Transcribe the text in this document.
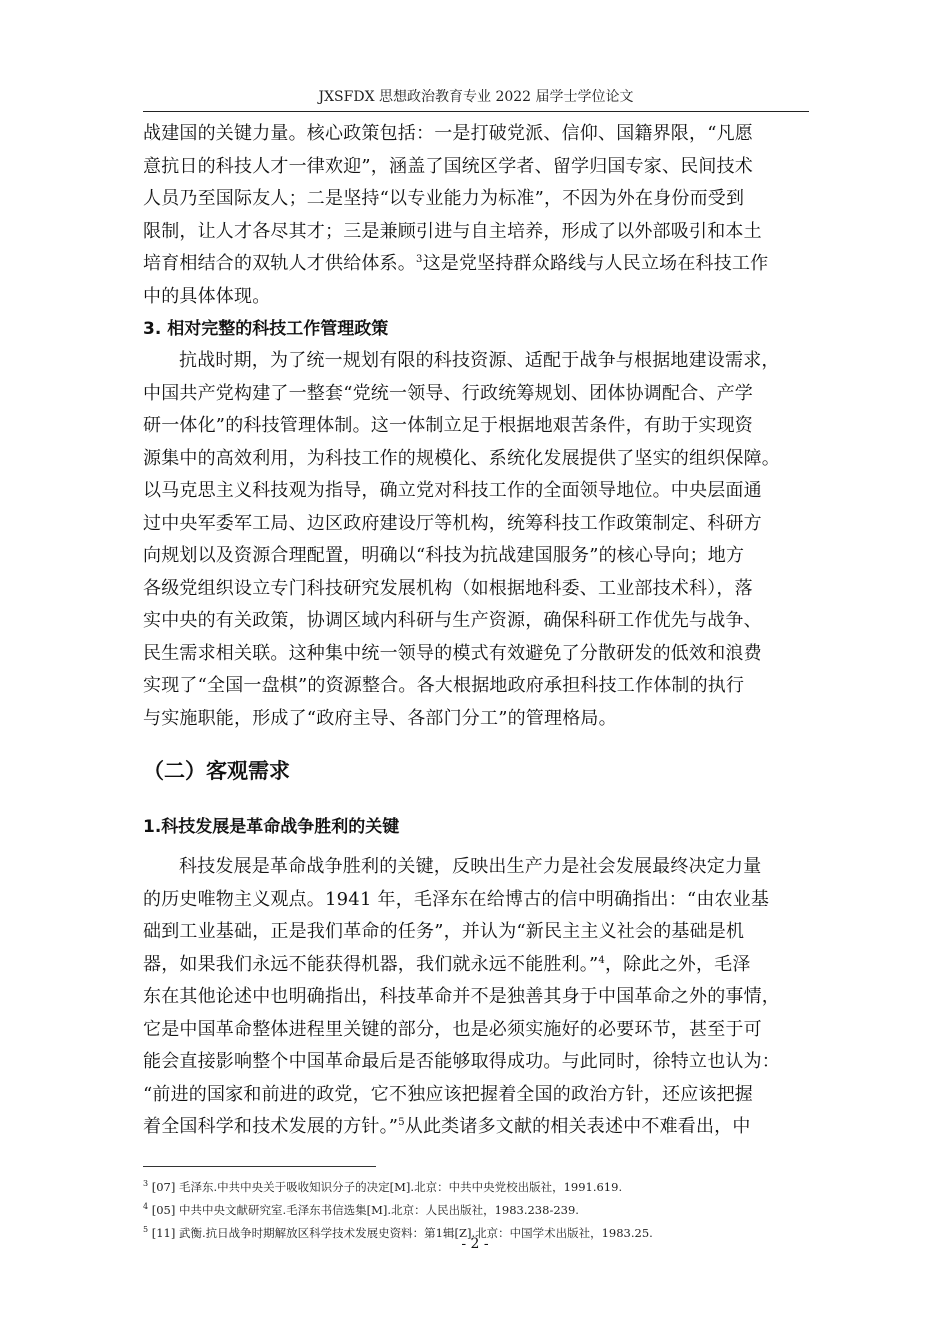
JXSFDX 思想政治教育专业 2022 届学士学位论文

战建国的关键力量。核心政策包括：一是打破党派、信仰、国籍界限，“凡愿

意抗日的科技人才一律欢迎”，涵盖了国统区学者、留学归国专家、民间技术

人员乃至国际友人；二是坚持“以专业能力为标准”，不因为外在身份而受到

限制，让人才各尽其才；三是兼顾引进与自主培养，形成了以外部吸引和本土

培育相结合的双轨人才供给体系。$^3$这是党坚持群众路线与人民立场在科技工作

中的具体体现。

3. 相对完整的科技工作管理政策

抗战时期，为了统一规划有限的科技资源、适配于战争与根据地建设需求，

中国共产党构建了一整套“党统一领导、行政统筹规划、团体协调配合、产学

研一体化”的科技管理体制。这一体制立足于根据地艰苦条件，有助于实现资

源集中的高效利用，为科技工作的规模化、系统化发展提供了坚实的组织保障。

以马克思主义科技观为指导，确立党对科技工作的全面领导地位。中央层面通

过中央军委军工局、边区政府建设厅等机构，统筹科技工作政策制定、科研方

向规划以及资源合理配置，明确以“科技为抗战建国服务”的核心导向；地方

各级党组织设立专门科技研究发展机构（如根据地科委、工业部技术科），落

实中央的有关政策，协调区域内科研与生产资源，确保科研工作优先与战争、

民生需求相关联。这种集中统一领导的模式有效避免了分散研发的低效和浪费

实现了“全国一盘棋”的资源整合。各大根据地政府承担科技工作体制的执行

与实施职能，形成了“政府主导、各部门分工”的管理格局。

（二）客观需求

1.科技发展是革命战争胜利的关键

科技发展是革命战争胜利的关键，反映出生产力是社会发展最终决定力量

的历史唯物主义观点。1941 年，毛泽东在给博古的信中明确指出：“由农业基

础到工业基础，正是我们革命的任务”，并认为“新民主主义社会的基础是机

器，如果我们永远不能获得机器，我们就永远不能胜利。”$^4$，除此之外，毛泽

东在其他论述中也明确指出，科技革命并不是独善其身于中国革命之外的事情，

它是中国革命整体进程里关键的部分，也是必须实施好的必要环节，甚至于可

能会直接影响整个中国革命最后是否能够取得成功。与此同时，徐特立也认为：

“前进的国家和前进的政党，它不独应该把握着全国的政治方针，还应该把握

着全国科学和技术发展的方针。”$^5$从此类诸多文献的相关表述中不难看出，中

$^3$ [07] 毛泽东.中共中央关于吸收知识分子的决定[M].北京：中共中央党校出版社，1991.619.

$^4$ [05] 中共中央文献研究室.毛泽东书信选集[M].北京：人民出版社，1983.238-239.

$^5$ [11] 武衡.抗日战争时期解放区科学技术发展史资料：第1辑[Z].北京：中国学术出版社，1983.25.

- 2 -
